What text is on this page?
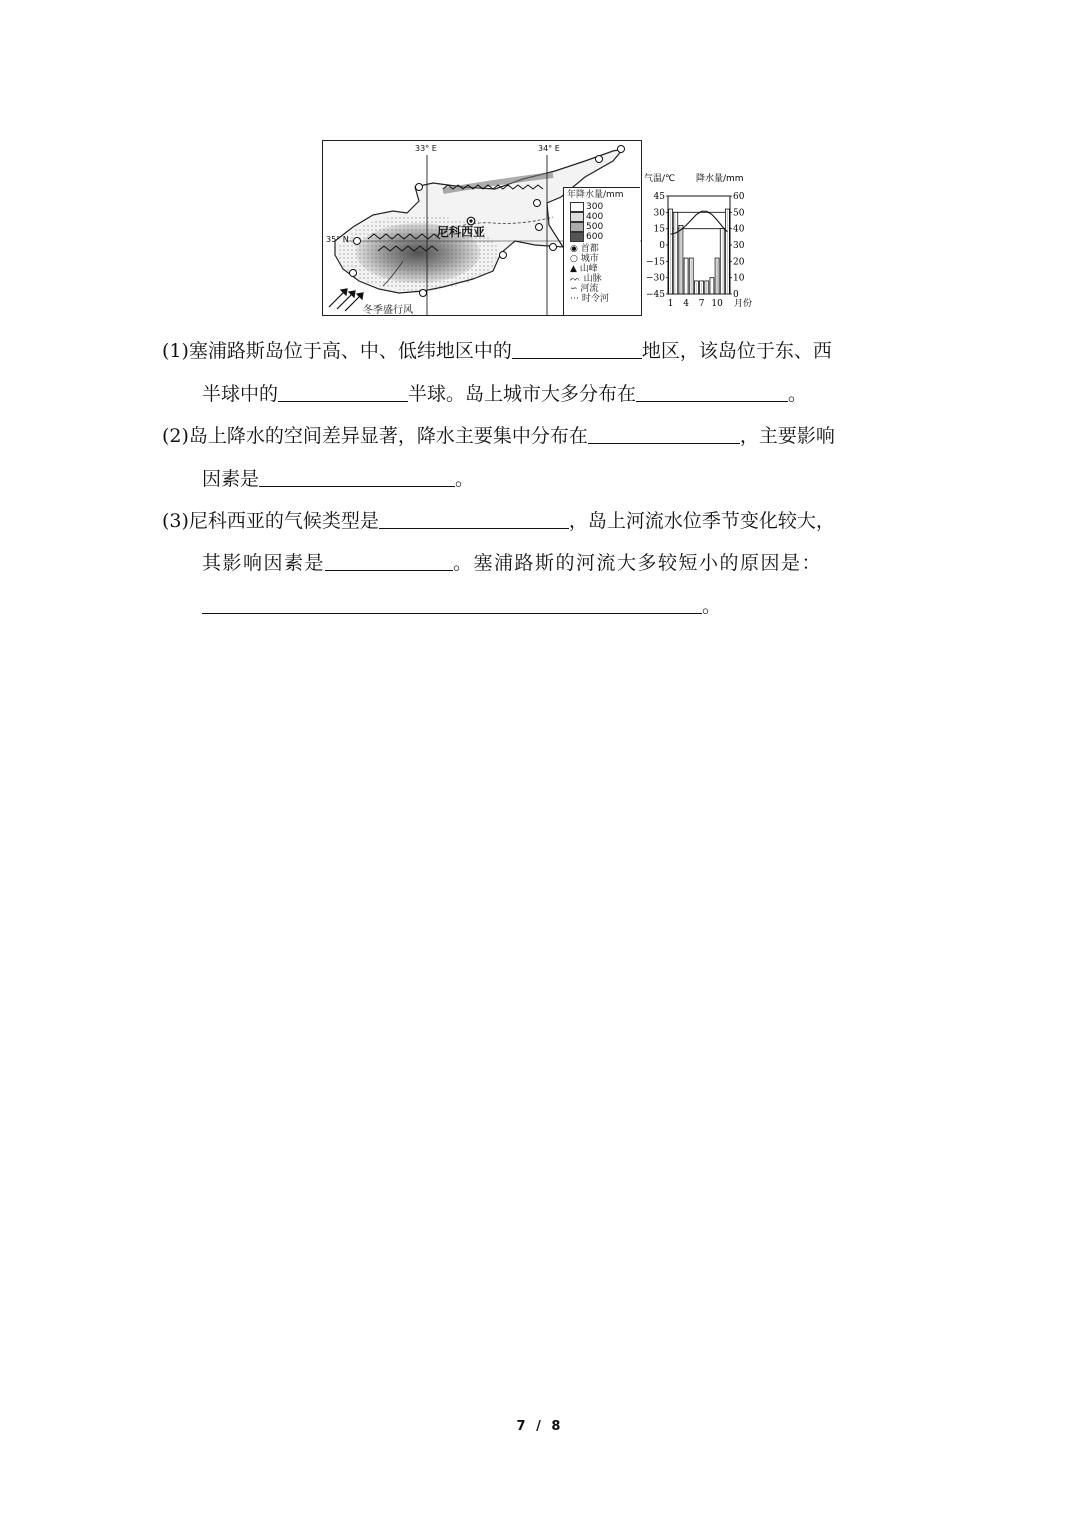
33° E	34° E
35° N
尼科西亚
冬季盛行风
年降水量/mm
300
400
500
600
◉ 首都
○ 城市
▲ 山峰
ᨓ 山脉
∽ 河流
⋯ 时令河
气温/℃ 降水量/mm
45
30
15
0
−15
−30
−45
60
50
40
30
20
10
0
1 4 7 10 月份
(1)塞浦路斯岛位于高、中、低纬地区中的	地区，该岛位于东、西
半球中的	半球。岛上城市大多分布在	。
(2)岛上降水的空间差异显著，降水主要集中分布在	，主要影响
因素是	。
(3)尼科西亚的气候类型是	，岛上河流水位季节变化较大，
其影响因素是	。塞浦路斯的河流大多较短小的原因是：
。
7 / 8
